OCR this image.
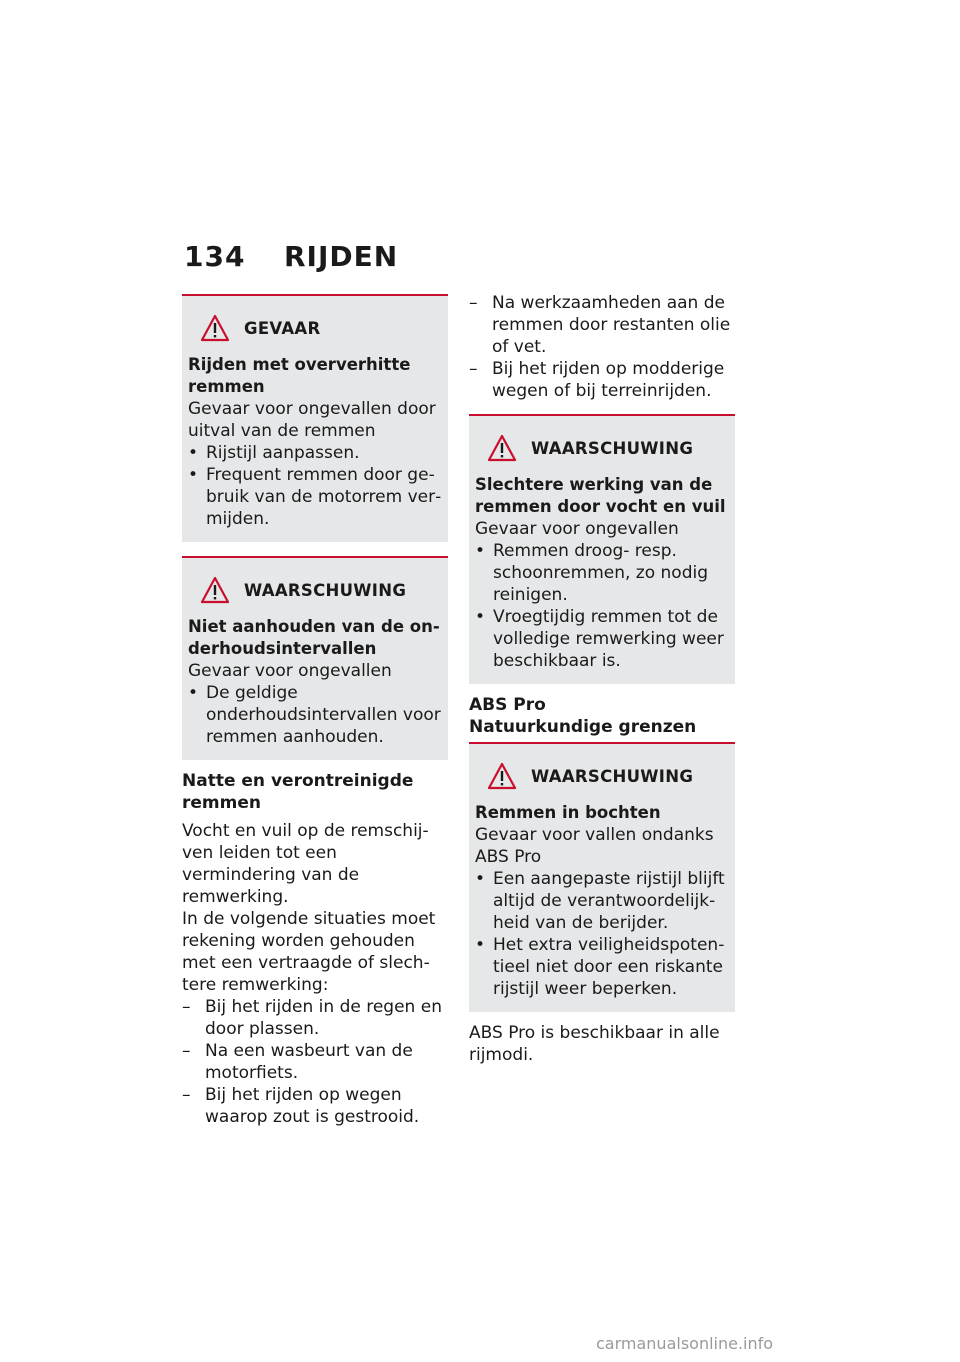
134 RIJDEN
GEVAAR
Rijden met oververhitte remmen
Gevaar voor ongevallen door uitval van de remmen
• Rijstijl aanpassen.
• Frequent remmen door gebruik van de motorrem vermijden.
WAARSCHUWING
Niet aanhouden van de onderhoudsintervallen
Gevaar voor ongevallen
• De geldige onderhoudsintervallen voor remmen aanhouden.
Natte en verontreinigde remmen
Vocht en vuil op de remschijven leiden tot een vermindering van de remwerking.
In de volgende situaties moet rekening worden gehouden met een vertraagde of slechtere remwerking:
– Bij het rijden in de regen en door plassen.
– Na een wasbeurt van de motorfiets.
– Bij het rijden op wegen waarop zout is gestrooid.
– Na werkzaamheden aan de remmen door restanten olie of vet.
– Bij het rijden op modderige wegen of bij terreinrijden.
WAARSCHUWING
Slechtere werking van de remmen door vocht en vuil
Gevaar voor ongevallen
• Remmen droog- resp. schoonremmen, zo nodig reinigen.
• Vroegtijdig remmen tot de volledige remwerking weer beschikbaar is.
ABS Pro
Natuurkundige grenzen
WAARSCHUWING
Remmen in bochten
Gevaar voor vallen ondanks ABS Pro
• Een aangepaste rijstijl blijft altijd de verantwoordelijkheid van de berijder.
• Het extra veiligheidspotentieel niet door een riskante rijstijl weer beperken.
ABS Pro is beschikbaar in alle rijmodi.
carmanualsonline.info
